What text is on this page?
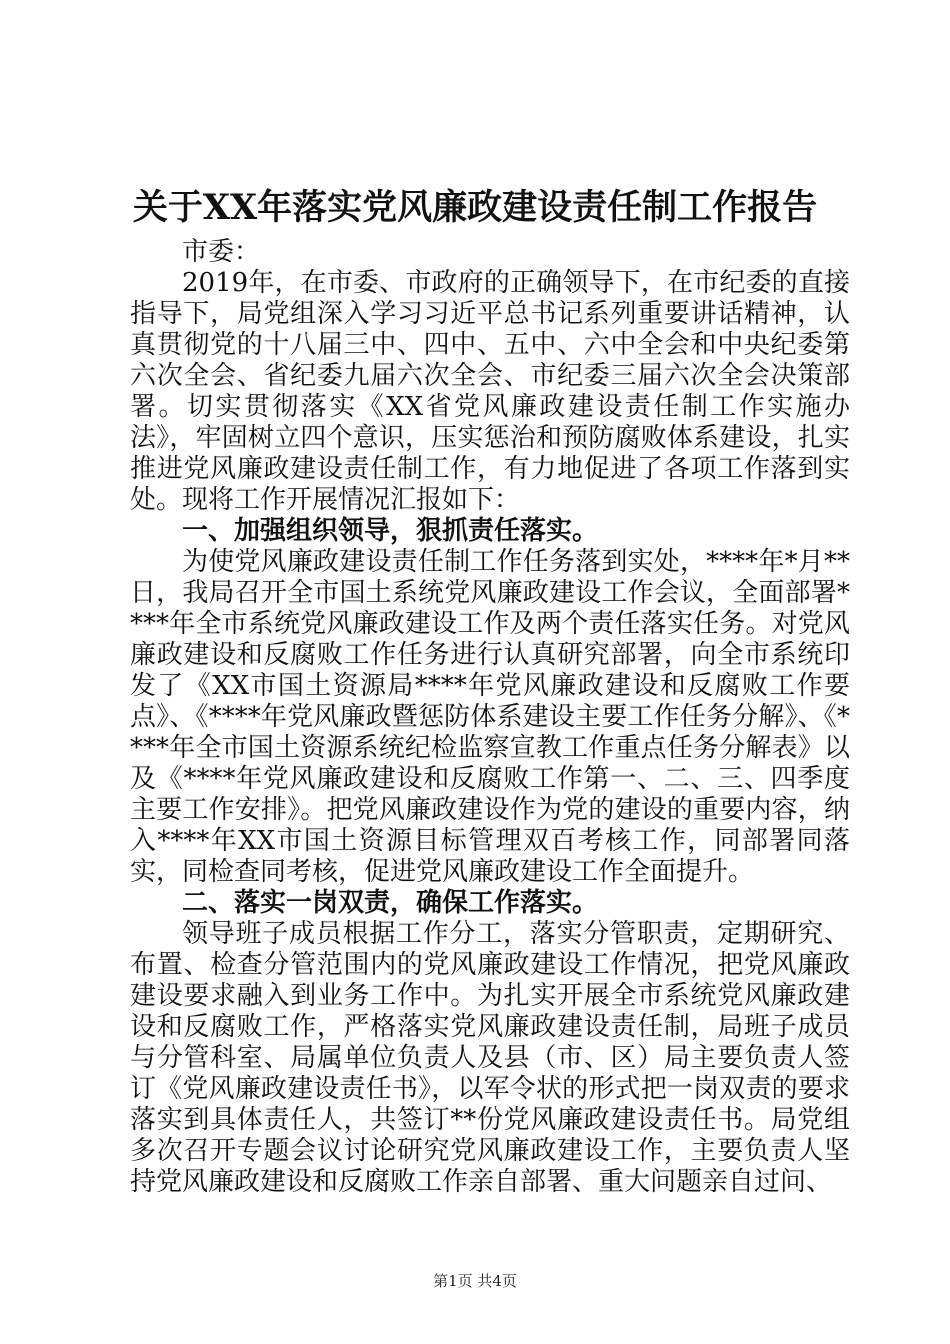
关于XX年落实党风廉政建设责任制工作报告

市委：

2019年，在市委、市政府的正确领导下，在市纪委的直接指导下，局党组深入学习习近平总书记系列重要讲话精神，认真贯彻党的十八届三中、四中、五中、六中全会和中央纪委第六次全会、省纪委九届六次全会、市纪委三届六次全会决策部署。切实贯彻落实《XX省党风廉政建设责任制工作实施办法》，牢固树立四个意识，压实惩治和预防腐败体系建设，扎实推进党风廉政建设责任制工作，有力地促进了各项工作落到实处。现将工作开展情况汇报如下：

一、加强组织领导，狠抓责任落实。

为使党风廉政建设责任制工作任务落到实处，****年*月**日，我局召开全市国土系统党风廉政建设工作会议，全面部署****年全市系统党风廉政建设工作及两个责任落实任务。对党风廉政建设和反腐败工作任务进行认真研究部署，向全市系统印发了《XX市国土资源局****年党风廉政建设和反腐败工作要点》、《****年党风廉政暨惩防体系建设主要工作任务分解》、《****年全市国土资源系统纪检监察宣教工作重点任务分解表》以及《****年党风廉政建设和反腐败工作第一、二、三、四季度主要工作安排》。把党风廉政建设作为党的建设的重要内容，纳入****年XX市国土资源目标管理双百考核工作，同部署同落实，同检查同考核，促进党风廉政建设工作全面提升。

二、落实一岗双责，确保工作落实。

领导班子成员根据工作分工，落实分管职责，定期研究、布置、检查分管范围内的党风廉政建设工作情况，把党风廉政建设要求融入到业务工作中。为扎实开展全市系统党风廉政建设和反腐败工作，严格落实党风廉政建设责任制，局班子成员与分管科室、局属单位负责人及县（市、区）局主要负责人签订《党风廉政建设责任书》，以军令状的形式把一岗双责的要求落实到具体责任人，共签订**份党风廉政建设责任书。局党组多次召开专题会议讨论研究党风廉政建设工作，主要负责人坚持党风廉政建设和反腐败工作亲自部署、重大问题亲自过问、

第1页 共4页
